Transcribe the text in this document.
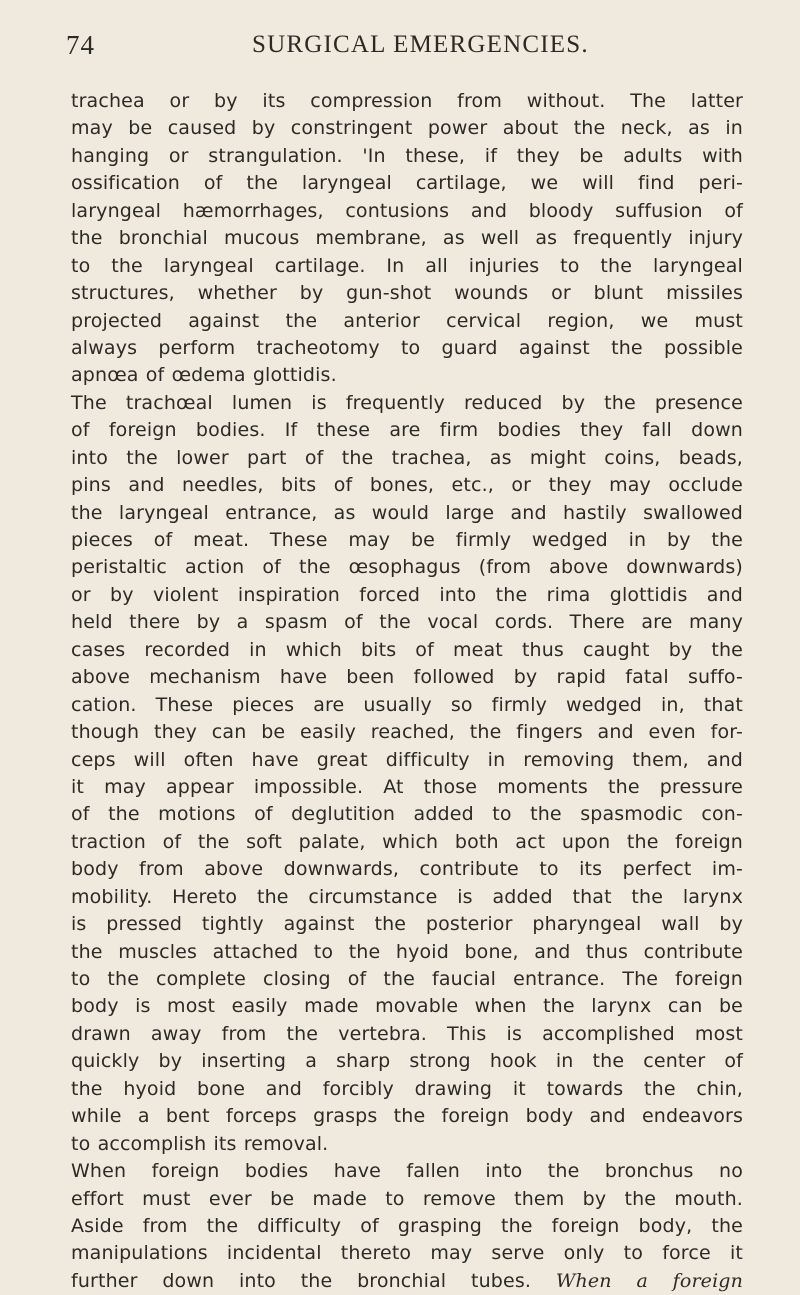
74	SURGICAL EMERGENCIES.
trachea or by its compression from without. The latter
may be caused by constringent power about the neck, as in
hanging or strangulation. 'In these, if they be adults with
ossification of the laryngeal cartilage, we will find peri-
laryngeal hæmorrhages, contusions and bloody suffusion of
the bronchial mucous membrane, as well as frequently injury
to the laryngeal cartilage. In all injuries to the laryngeal
structures, whether by gun-shot wounds or blunt missiles
projected against the anterior cervical region, we must
always perform tracheotomy to guard against the possible
apnœa of œdema glottidis.
The trachœal lumen is frequently reduced by the presence
of foreign bodies. If these are firm bodies they fall down
into the lower part of the trachea, as might coins, beads,
pins and needles, bits of bones, etc., or they may occlude
the laryngeal entrance, as would large and hastily swallowed
pieces of meat. These may be firmly wedged in by the
peristaltic action of the œsophagus (from above downwards)
or by violent inspiration forced into the rima glottidis and
held there by a spasm of the vocal cords. There are many
cases recorded in which bits of meat thus caught by the
above mechanism have been followed by rapid fatal suffo-
cation. These pieces are usually so firmly wedged in, that
though they can be easily reached, the fingers and even for-
ceps will often have great difficulty in removing them, and
it may appear impossible. At those moments the pressure
of the motions of deglutition added to the spasmodic con-
traction of the soft palate, which both act upon the foreign
body from above downwards, contribute to its perfect im-
mobility. Hereto the circumstance is added that the larynx
is pressed tightly against the posterior pharyngeal wall by
the muscles attached to the hyoid bone, and thus contribute
to the complete closing of the faucial entrance. The foreign
body is most easily made movable when the larynx can be
drawn away from the vertebra. This is accomplished most
quickly by inserting a sharp strong hook in the center of
the hyoid bone and forcibly drawing it towards the chin,
while a bent forceps grasps the foreign body and endeavors
to accomplish its removal.
When foreign bodies have fallen into the bronchus no
effort must ever be made to remove them by the mouth.
Aside from the difficulty of grasping the foreign body, the
manipulations incidental thereto may serve only to force it
further down into the bronchial tubes. When a foreign
